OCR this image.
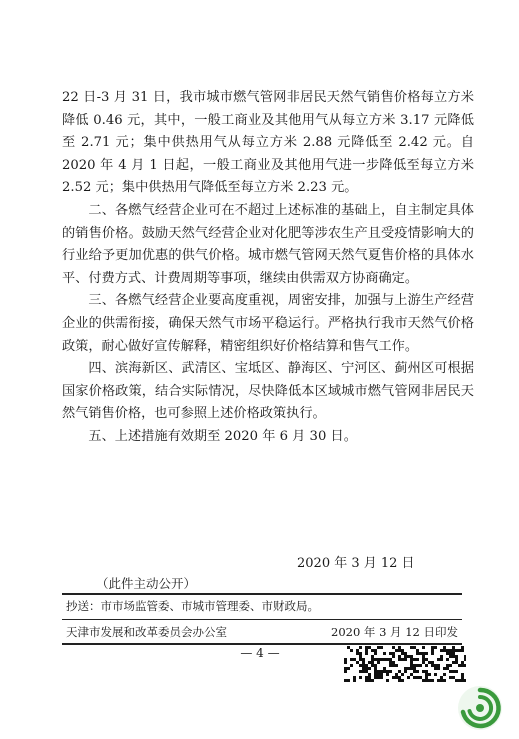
22 日-3 月 31 日，我市城市燃气管网非居民天然气销售价格每立方米降低 0.46 元，其中，一般工商业及其他用气从每立方米 3.17 元降低至 2.71 元；集中供热用气从每立方米 2.88 元降低至 2.42 元。自 2020 年 4 月 1 日起，一般工商业及其他用气进一步降低至每立方米 2.52 元；集中供热用气降低至每立方米 2.23 元。

二、各燃气经营企业可在不超过上述标准的基础上，自主制定具体的销售价格。鼓励天然气经营企业对化肥等涉农生产且受疫情影响大的行业给予更加优惠的供气价格。城市燃气管网天然气夏售价格的具体水平、付费方式、计费周期等事项，继续由供需双方协商确定。

三、各燃气经营企业要高度重视，周密安排，加强与上游生产经营企业的供需衔接，确保天然气市场平稳运行。严格执行我市天然气价格政策，耐心做好宣传解释，精密组织好价格结算和售气工作。

四、滨海新区、武清区、宝坻区、静海区、宁河区、蓟州区可根据国家价格政策，结合实际情况，尽快降低本区域城市燃气管网非居民天然气销售价格，也可参照上述价格政策执行。

五、上述措施有效期至 2020 年 6 月 30 日。

2020 年 3 月 12 日
（此件主动公开）
抄送：市市场监管委、市城市管理委、市财政局。
天津市发展和改革委员会办公室	2020 年 3 月 12 日印发
— 4 —
